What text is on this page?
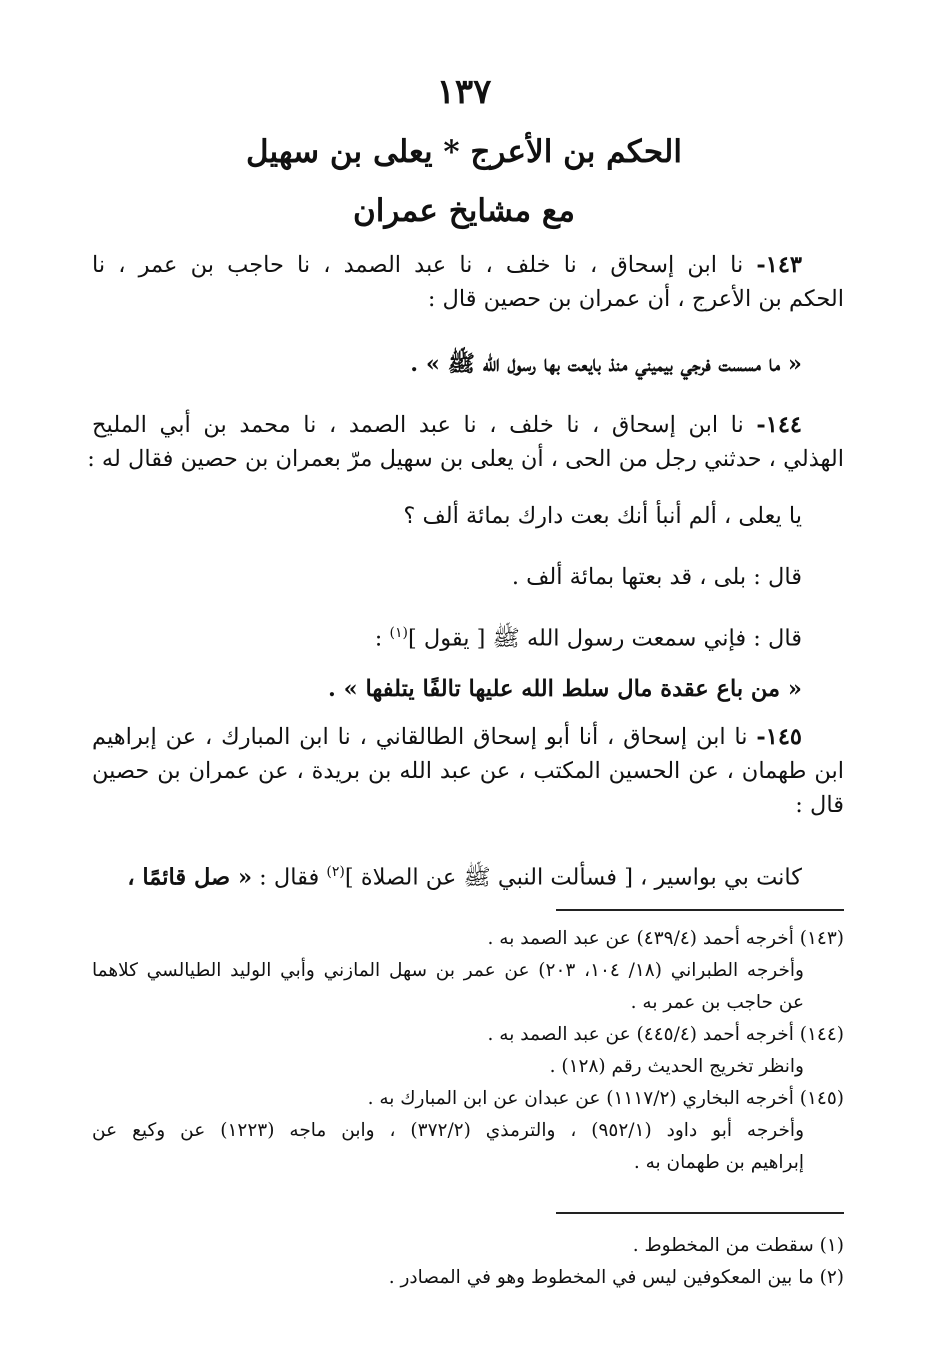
١٣٧
الحكم بن الأعرج * يعلى بن سهيل
مع مشايخ عمران
١٤٣- نا ابن إسحاق ، نا خلف ، نا عبد الصمد ، نا حاجب بن عمر ، نا
الحكم بن الأعرج ، أن عمران بن حصين قال :
« ما مسست فرجي بيميني منذ بايعت بها رسول الله ﷺ » .
١٤٤- نا ابن إسحاق ، نا خلف ، نا عبد الصمد ، نا محمد بن أبي المليح
الهذلي ، حدثني رجل من الحى ، أن يعلى بن سهيل مرّ بعمران بن حصين فقال له :
يا يعلى ، ألم أنبأ أنك بعت دارك بمائة ألف ؟
قال : بلى ، قد بعتها بمائة ألف .
قال : فإني سمعت رسول الله ﷺ [ يقول ]$^{(١)}$ :
« من باع عقدة مال سلط الله عليها تالفًا يتلفها » .
١٤٥- نا ابن إسحاق ، أنا أبو إسحاق الطالقاني ، نا ابن المبارك ، عن إبراهيم
ابن طهمان ، عن الحسين المكتب ، عن عبد الله بن بريدة ، عن عمران بن حصين
قال :
كانت بي بواسير ، [ فسألت النبي ﷺ عن الصلاة ]$^{(٢)}$ فقال : « صل قائمًا ،
(١٤٣) أخرجه أحمد (٤٣٩/٤) عن عبد الصمد به .
وأخرجه الطبراني (١٨/ ١٠٤، ٢٠٣) عن عمر بن سهل المازني وأبي الوليد الطيالسي كلاهما
عن حاجب بن عمر به .
(١٤٤) أخرجه أحمد (٤٤٥/٤) عن عبد الصمد به .
وانظر تخريج الحديث رقم (١٢٨) .
(١٤٥) أخرجه البخاري (١١١٧/٢) عن عبدان عن ابن المبارك به .
وأخرجه أبو داود (٩٥٢/١) ، والترمذي (٣٧٢/٢) ، وابن ماجه (١٢٢٣) عن وكيع عن
إبراهيم بن طهمان به .
(١) سقطت من المخطوط .
(٢) ما بين المعكوفين ليس في المخطوط وهو في المصادر .
